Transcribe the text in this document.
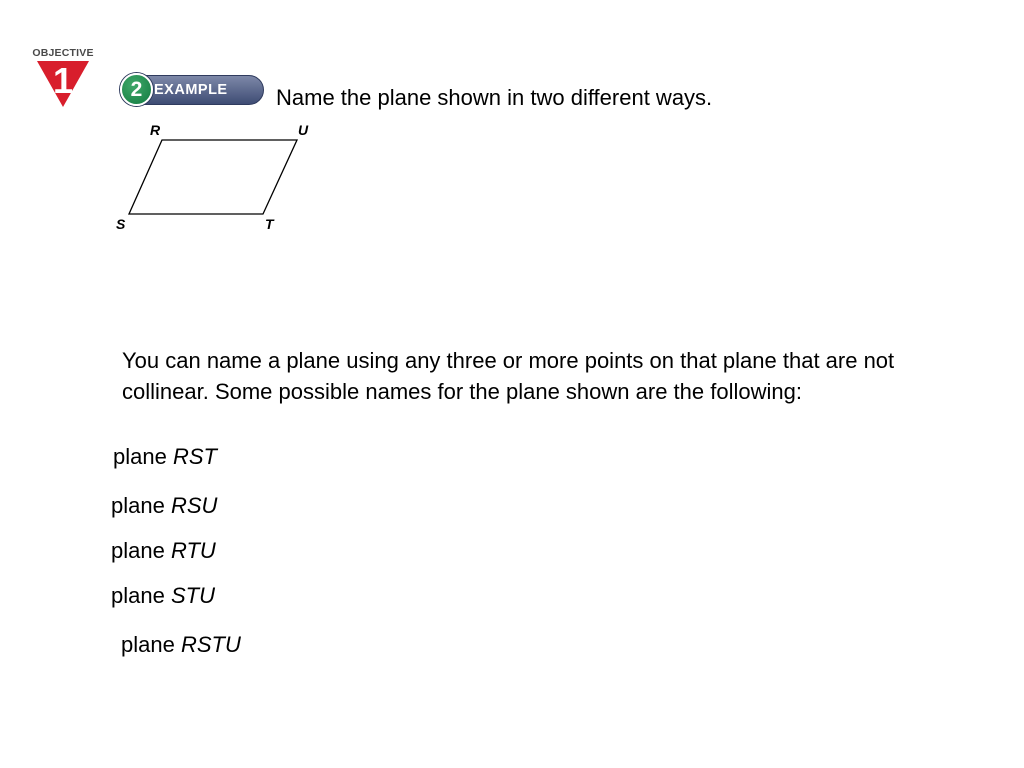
OBJECTIVE
1	EXAMPLE
2	Name the plane shown in two different ways.
R	U
S	T
You can name a plane using any three or more points on that plane that are not collinear. Some possible names for the plane shown are the following:
plane RST
plane RSU
plane RTU
plane STU
plane RSTU
